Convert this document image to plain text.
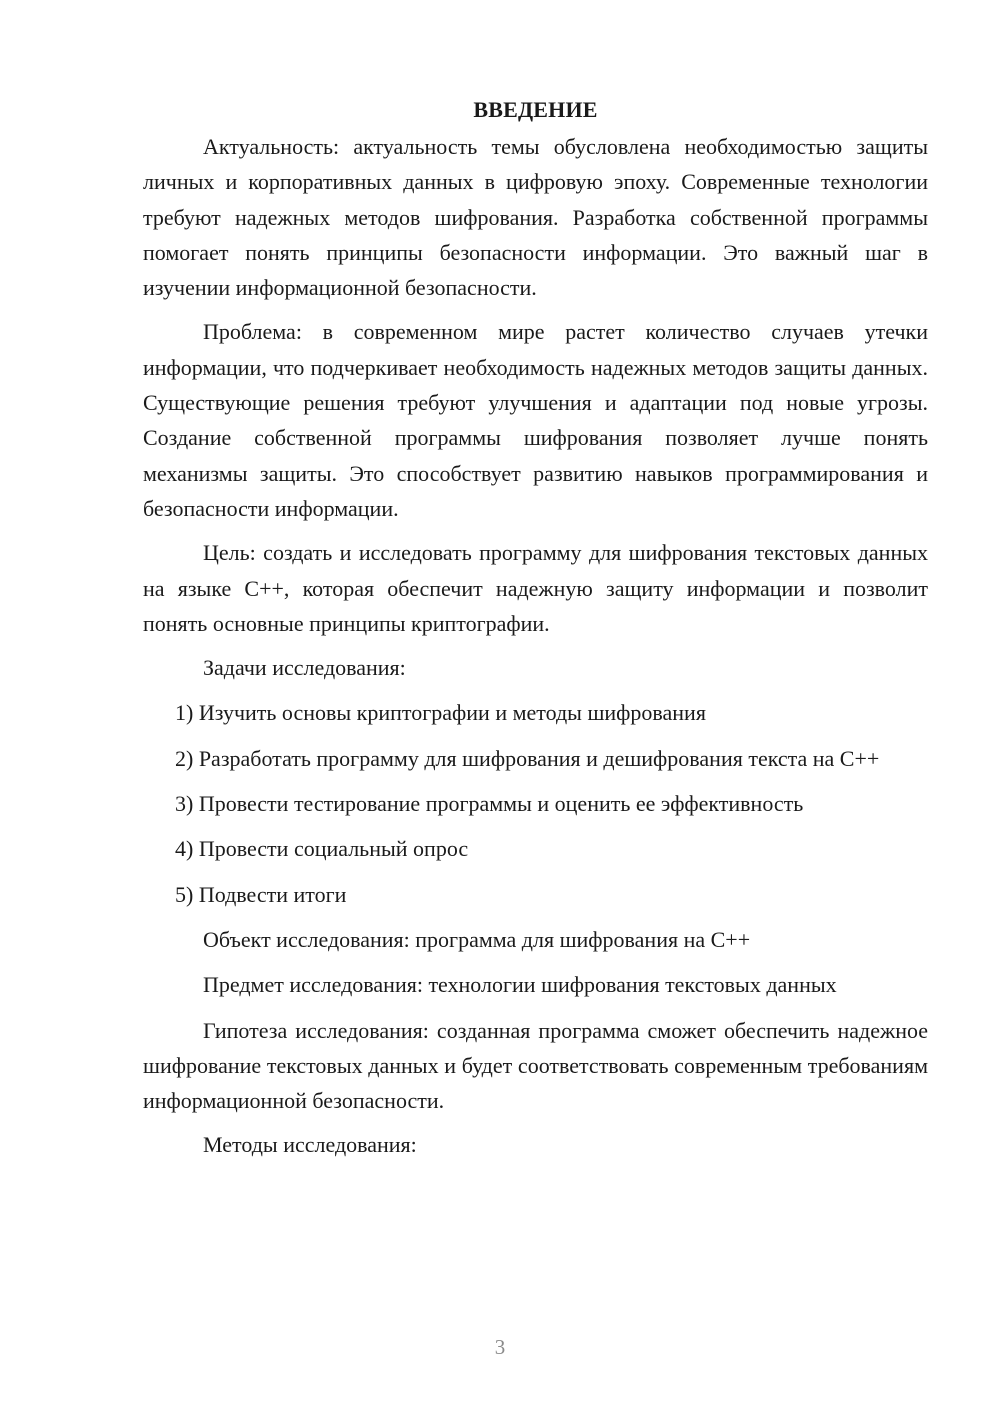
ВВЕДЕНИЕ

Актуальность: актуальность темы обусловлена необходимостью защиты личных и корпоративных данных в цифровую эпоху. Современные технологии требуют надежных методов шифрования. Разработка собственной программы помогает понять принципы безопасности информации. Это важный шаг в изучении информационной безопасности.

Проблема: в современном мире растет количество случаев утечки информации, что подчеркивает необходимость надежных методов защиты данных. Существующие решения требуют улучшения и адаптации под новые угрозы. Создание собственной программы шифрования позволяет лучше понять механизмы защиты. Это способствует развитию навыков программирования и безопасности информации.

Цель: создать и исследовать программу для шифрования текстовых данных на языке С++, которая обеспечит надежную защиту информации и позволит понять основные принципы криптографии.

Задачи исследования:

1) Изучить основы криптографии и методы шифрования

2) Разработать программу для шифрования и дешифрования текста на С++

3) Провести тестирование программы и оценить ее эффективность

4) Провести социальный опрос

5) Подвести итоги

Объект исследования: программа для шифрования на С++

Предмет исследования: технологии шифрования текстовых данных

Гипотеза исследования: созданная программа сможет обеспечить надежное шифрование текстовых данных и будет соответствовать современным требованиям информационной безопасности.

Методы исследования:

3
